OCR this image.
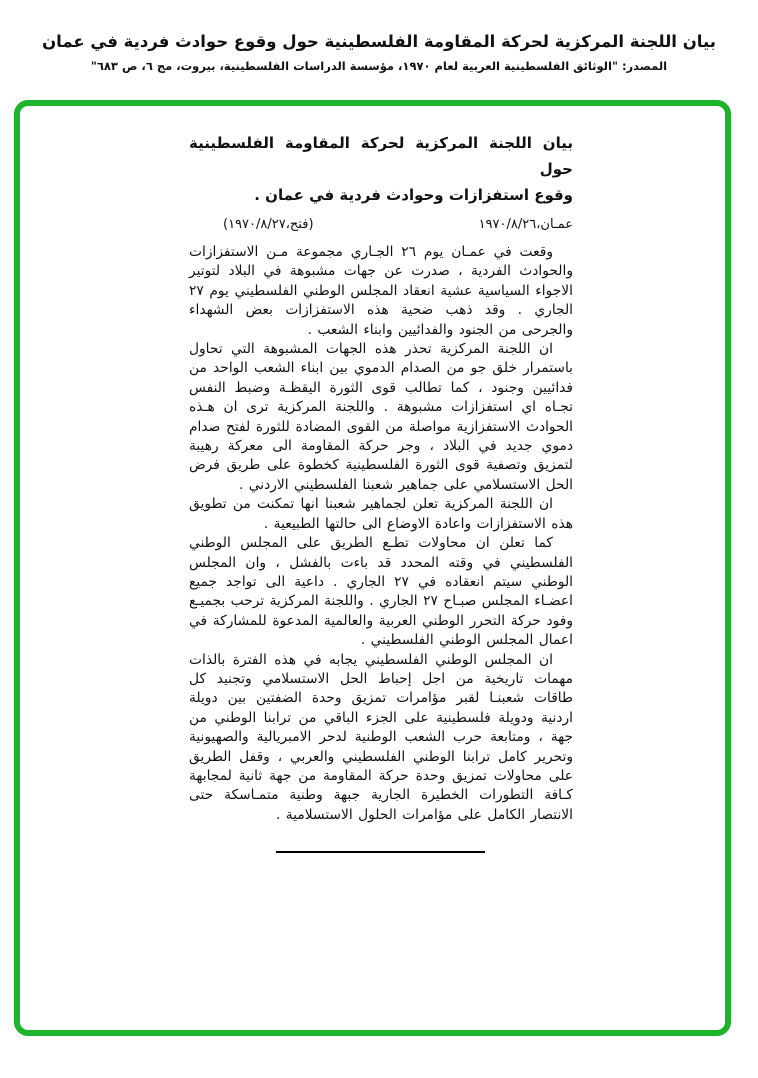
بيان اللجنة المركزية لحركة المقاومة الفلسطينية حول وقوع حوادث فردية في عمان
المصدر: "الوثائق الفلسطينية العربية لعام ١٩٧٠، مؤسسة الدراسات الفلسطينية، بيروت، مج ٦، ص ٦٨٣"
بيان اللجنة المركزية لحركة المقاومة الفلسطينية حول
وقوع استفزازات وحوادث فردية في عمان .
عمـان،١٩٧٠/٨/٢٦
(فتح،١٩٧٠/٨/٢٧)

وقعت في عمـان يوم ٢٦ الجـاري مجموعة مـن الاستفزازات والحوادث الفردية ، صدرت عن جهات مشبوهة في البلاد لتوتير الاجواء السياسية عشية انعقاد المجلس الوطني الفلسطيني يوم ٢٧ الجاري . وقد ذهب ضحية هذه الاستفزازات بعض الشهداء والجرحى من الجنود والفدائيين وابناء الشعب .

ان اللجنة المركزية تحذر هذه الجهات المشبوهة التي تحاول باستمرار خلق جو من الصدام الدموي بين ابناء الشعب الواحد من فدائيين وجنود ، كما تطالب قوى الثورة اليقظـة وضبط النفس تجـاه اي استفزازات مشبوهة . واللجنة المركزية ترى ان هـذه الحوادث الاستفزازية مواصلة من القوى المضادة للثورة لفتح صدام دموي جديد في البلاد ، وجر حركة المقاومة الى معركة رهيبة لتمزيق وتصفية قوى الثورة الفلسطينية كخطوة على طريق فرض الحل الاستسلامي على جماهير شعبنا الفلسطيني الاردني .

ان اللجنة المركزية تعلن لجماهير شعبنا انها تمكنت من تطويق هذه الاستفزازات واعادة الاوضاع الى حالتها الطبيعية .

كما تعلن ان محاولات تطـع الطريق على المجلس الوطني الفلسطيني في وقته المحدد قد باءت بالفشل ، وان المجلس الوطني سيتم انعقاده في ٢٧ الجاري . داعية الى تواجد جميع اعضـاء المجلس صبـاح ٢٧ الجاري . واللجنة المركزية ترحب بجميـع وفود حركة التحرر الوطني العربية والعالمية المدعوة للمشاركة في اعمال المجلس الوطني الفلسطيني .

ان المجلس الوطني الفلسطيني يجابه في هذه الفترة بالذات مهمات تاريخية من اجل إحباط الحل الاستسلامي وتجنيد كل طاقات شعبنـا لقبر مؤامرات تمزيق وحدة الضفتين بين دويلة اردنية ودويلة فلسطينية على الجزء الباقي من ترابنا الوطني من جهة ، ومتابعة حرب الشعب الوطنية لدحر الامبريالية والصهيونية وتحرير كامل ترابنا الوطني الفلسطيني والعربي ، وقفل الطريق على محاولات تمزيق وحدة حركة المقاومة من جهة ثانية لمجابهة كـافة التطورات الخطيرة الجارية جبهة وطنية متمـاسكة حتى الانتصار الكامل على مؤامرات الحلول الاستسلامية .
